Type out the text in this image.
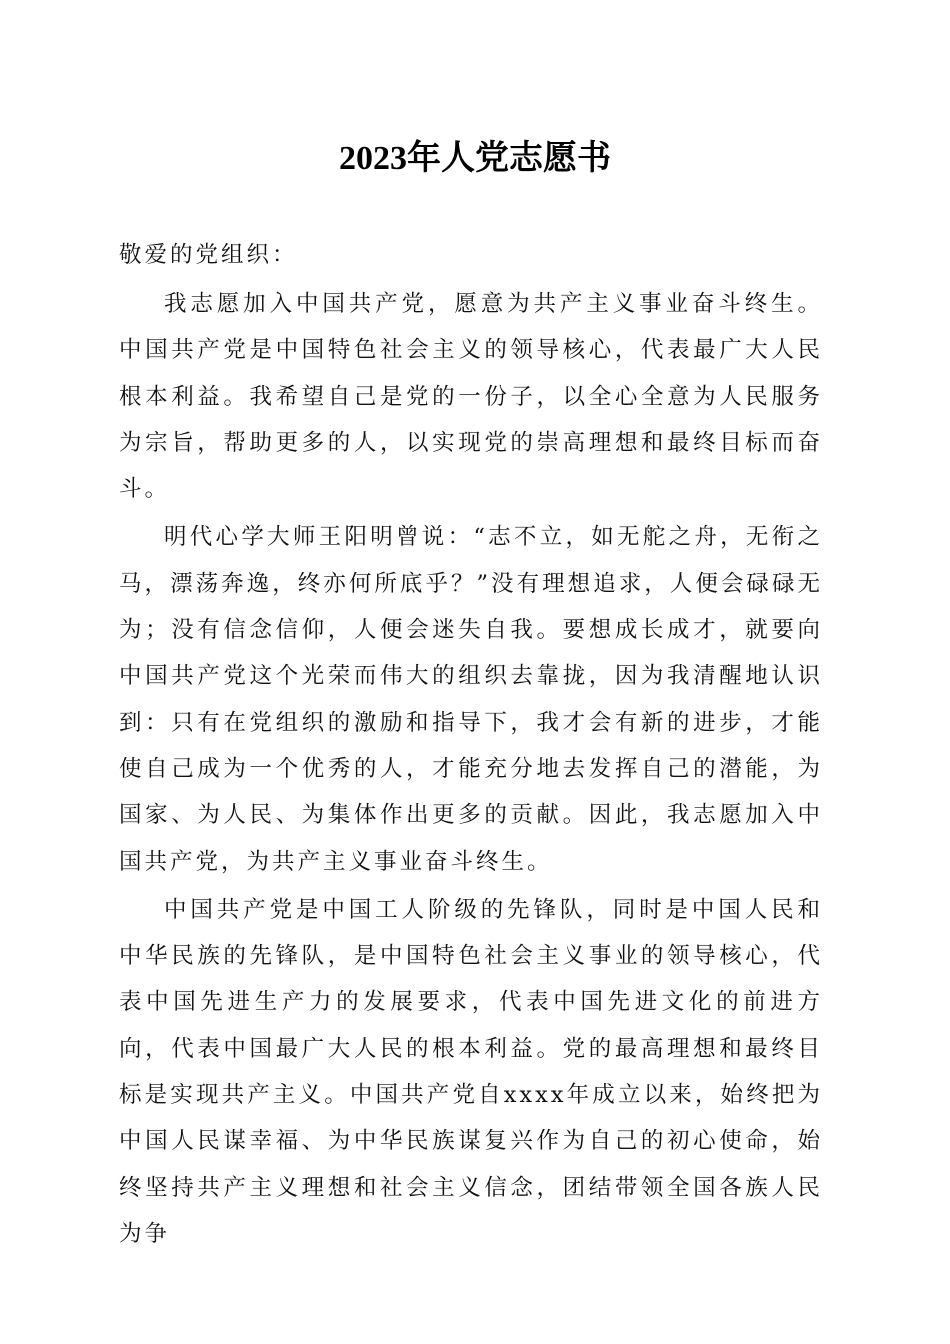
2023年人党志愿书

敬爱的党组织：

我志愿加入中国共产党，愿意为共产主义事业奋斗终生。中国共产党是中国特色社会主义的领导核心，代表最广大人民根本利益。我希望自己是党的一份子，以全心全意为人民服务为宗旨，帮助更多的人，以实现党的崇高理想和最终目标而奋斗。

明代心学大师王阳明曾说：“志不立，如无舵之舟，无衔之马，漂荡奔逸，终亦何所底乎？”没有理想追求，人便会碌碌无为；没有信念信仰，人便会迷失自我。要想成长成才，就要向中国共产党这个光荣而伟大的组织去靠拢，因为我清醒地认识到：只有在党组织的激励和指导下，我才会有新的进步，才能使自己成为一个优秀的人，才能充分地去发挥自己的潜能，为国家、为人民、为集体作出更多的贡献。因此，我志愿加入中国共产党，为共产主义事业奋斗终生。

中国共产党是中国工人阶级的先锋队，同时是中国人民和中华民族的先锋队，是中国特色社会主义事业的领导核心，代表中国先进生产力的发展要求，代表中国先进文化的前进方向，代表中国最广大人民的根本利益。党的最高理想和最终目标是实现共产主义。中国共产党自xxxx年成立以来，始终把为中国人民谋幸福、为中华民族谋复兴作为自己的初心使命，始终坚持共产主义理想和社会主义信念，团结带领全国各族人民为争
